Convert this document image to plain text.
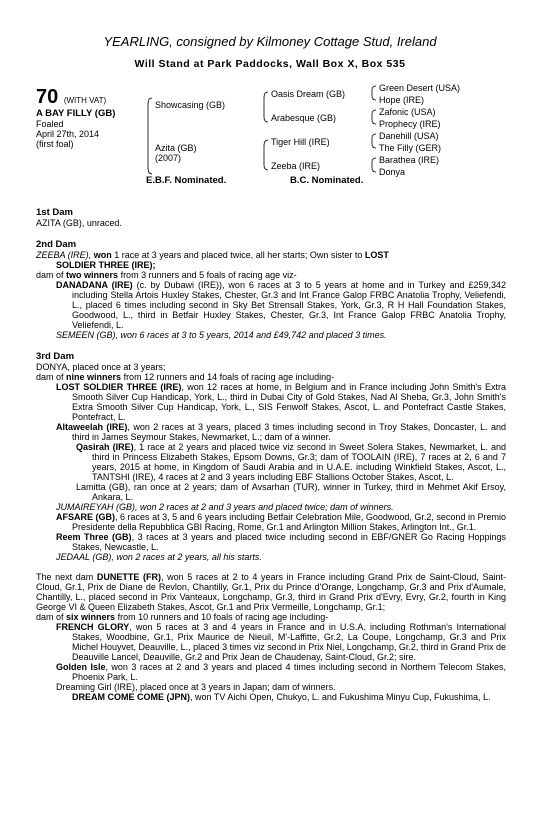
YEARLING, consigned by Kilmoney Cottage Stud, Ireland
Will Stand at Park Paddocks, Wall Box X, Box 535
70 (WITH VAT)
A BAY FILLY (GB)
Foaled
April 27th, 2014
(first foal)
Showcasing (GB)
Azita (GB)
(2007)
Oasis Dream (GB)
Arabesque (GB)
Tiger Hill (IRE)
Zeeba (IRE)
Green Desert (USA)
Hope (IRE)
Zafonic (USA)
Prophecy (IRE)
Danehill (USA)
The Filly (GER)
Barathea (IRE)
Donya
E.B.F. Nominated.	B.C. Nominated.

1st Dam

AZITA (GB), unraced.

2nd Dam

ZEEBA (IRE), won 1 race at 3 years and placed twice, all her starts; Own sister to LOST

SOLDIER THREE (IRE);

dam of two winners from 3 runners and 5 foals of racing age viz-

DANADANA (IRE) (c. by Dubawi (IRE)), won 6 races at 3 to 5 years at home and in Turkey and £259,342 including Stella Artois Huxley Stakes, Chester, Gr.3 and Int France Galop FRBC Anatolia Trophy, Veliefendi, L., placed 6 times including second in Sky Bet Strensall Stakes, York, Gr.3, R H Hall Foundation Stakes, Goodwood, L., third in Betfair Huxley Stakes, Chester, Gr.3, Int France Galop FRBC Anatolia Trophy, Veliefendi, L.

SEMEEN (GB), won 6 races at 3 to 5 years, 2014 and £49,742 and placed 3 times.

3rd Dam

DONYA, placed once at 3 years;

dam of nine winners from 12 runners and 14 foals of racing age including-

LOST SOLDIER THREE (IRE), won 12 races at home, in Belgium and in France including John Smith's Extra Smooth Silver Cup Handicap, York, L., third in Dubai City of Gold Stakes, Nad Al Sheba, Gr.3, John Smith's Extra Smooth Silver Cup Handicap, York, L., SIS Fenwolf Stakes, Ascot, L. and Pontefract Castle Stakes, Pontefract, L.

Altaweelah (IRE), won 2 races at 3 years, placed 3 times including second in Troy Stakes, Doncaster, L. and third in James Seymour Stakes, Newmarket, L.; dam of a winner.

Qasirah (IRE), 1 race at 2 years and placed twice viz second in Sweet Solera Stakes, Newmarket, L. and third in Princess Elizabeth Stakes, Epsom Downs, Gr.3; dam of TOOLAIN (IRE), 7 races at 2, 6 and 7 years, 2015 at home, in Kingdom of Saudi Arabia and in U.A.E. including Winkfield Stakes, Ascot, L., TANTSHI (IRE), 4 races at 2 and 3 years including EBF Stallions October Stakes, Ascot, L.

Lamitta (GB), ran once at 2 years; dam of Avsarhan (TUR), winner in Turkey, third in Mehmet Akif Ersoy, Ankara, L.

JUMAIREYAH (GB), won 2 races at 2 and 3 years and placed twice; dam of winners.

AFSARE (GB), 6 races at 3, 5 and 6 years including Betfair Celebration Mile, Goodwood, Gr.2, second in Premio Presidente della Repubblica GBI Racing, Rome, Gr.1 and Arlington Million Stakes, Arlington Int., Gr.1.

Reem Three (GB), 3 races at 3 years and placed twice including second in EBF/GNER Go Racing Hoppings Stakes, Newcastle, L.

JEDAAL (GB), won 2 races at 2 years, all his starts.

The next dam DUNETTE (FR), won 5 races at 2 to 4 years in France including Grand Prix de Saint-Cloud, Saint-Cloud, Gr.1, Prix de Diane de Revlon, Chantilly, Gr.1, Prix du Prince d'Orange, Longchamp, Gr.3 and Prix d'Aumale, Chantilly, L., placed second in Prix Vanteaux, Longchamp, Gr.3, third in Grand Prix d'Evry, Evry, Gr.2, fourth in King George VI & Queen Elizabeth Stakes, Ascot, Gr.1 and Prix Vermeille, Longchamp, Gr.1;

dam of six winners from 10 runners and 10 foals of racing age including-

FRENCH GLORY, won 5 races at 3 and 4 years in France and in U.S.A. including Rothman's International Stakes, Woodbine, Gr.1, Prix Maurice de Nieuil, M'-Laffitte, Gr.2, La Coupe, Longchamp, Gr.3 and Prix Michel Houyvet, Deauville, L., placed 3 times viz second in Prix Niel, Longchamp, Gr.2, third in Grand Prix de Deauville Lancel, Deauville, Gr.2 and Prix Jean de Chaudenay, Saint-Cloud, Gr.2; sire.

Golden Isle, won 3 races at 2 and 3 years and placed 4 times including second in Northern Telecom Stakes, Phoenix Park, L.

Dreaming Girl (IRE), placed once at 3 years in Japan; dam of winners.

DREAM COME COME (JPN), won TV Aichi Open, Chukyo, L. and Fukushima Minyu Cup, Fukushima, L.
